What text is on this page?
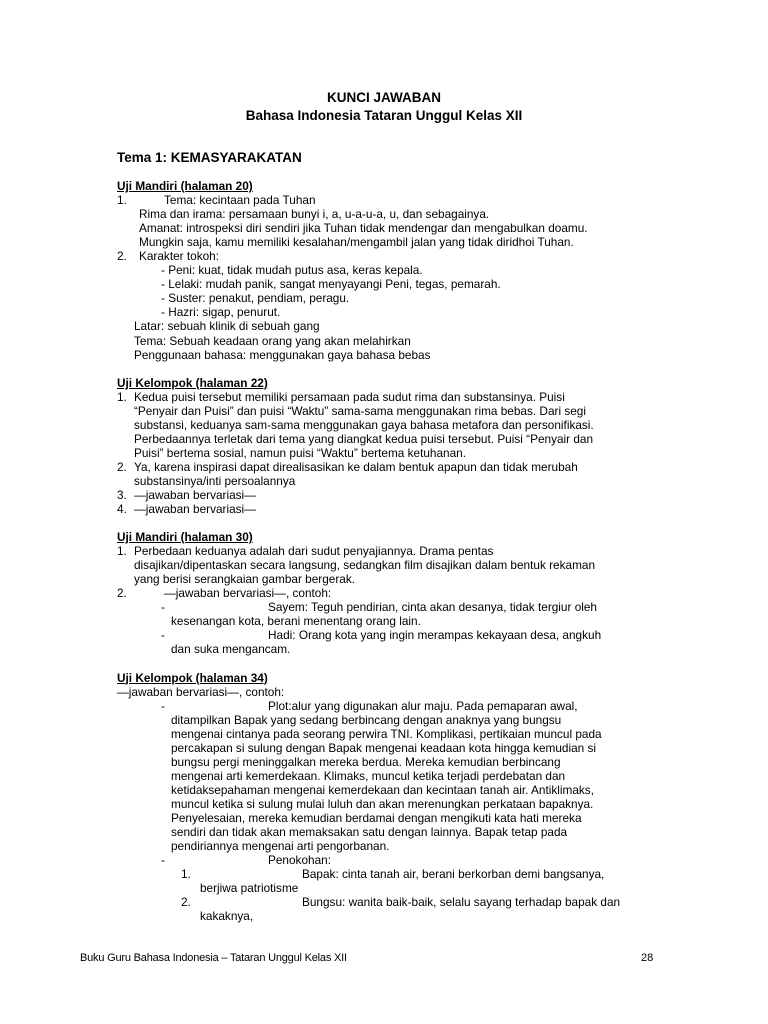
KUNCI JAWABAN
Bahasa Indonesia Tataran Unggul Kelas XII
Tema 1: KEMASYARAKATAN
Uji Mandiri (halaman 20)
1.	Tema: kecintaan pada Tuhan
Rima dan irama: persamaan bunyi i, a, u-a-u-a, u, dan sebagainya.
Amanat: introspeksi diri sendiri jika Tuhan tidak mendengar dan mengabulkan doamu.
Mungkin saja, kamu memiliki kesalahan/mengambil jalan yang tidak diridhoi Tuhan.
2. Karakter tokoh:
- Peni: kuat, tidak mudah putus asa, keras kepala.
- Lelaki: mudah panik, sangat menyayangi Peni, tegas, pemarah.
- Suster: penakut, pendiam, peragu.
- Hazri: sigap, penurut.
Latar: sebuah klinik di sebuah gang
Tema: Sebuah keadaan orang yang akan melahirkan
Penggunaan bahasa: menggunakan gaya bahasa bebas
Uji Kelompok (halaman 22)
1. Kedua puisi tersebut memiliki persamaan pada sudut rima dan substansinya. Puisi
“Penyair dan Puisi” dan puisi “Waktu” sama-sama menggunakan rima bebas. Dari segi
substansi, keduanya sam-sama menggunakan gaya bahasa metafora dan personifikasi.
Perbedaannya terletak dari tema yang diangkat kedua puisi tersebut. Puisi “Penyair dan
Puisi” bertema sosial, namun puisi “Waktu” bertema ketuhanan.
2. Ya, karena inspirasi dapat direalisasikan ke dalam bentuk apapun dan tidak merubah
substansinya/inti persoalannya
3. —jawaban bervariasi—
4. —jawaban bervariasi—
Uji Mandiri (halaman 30)
1. Perbedaan keduanya adalah dari sudut penyajiannya. Drama pentas
disajikan/dipentaskan secara langsung, sedangkan film disajikan dalam bentuk rekaman
yang berisi serangkaian gambar bergerak.
2.	—jawaban bervariasi—, contoh:
-	Sayem: Teguh pendirian, cinta akan desanya, tidak tergiur oleh
kesenangan kota, berani menentang orang lain.
-	Hadi: Orang kota yang ingin merampas kekayaan desa, angkuh
dan suka mengancam.
Uji Kelompok (halaman 34)
—jawaban bervariasi—, contoh:
-	Plot:alur yang digunakan alur maju. Pada pemaparan awal,
ditampilkan Bapak yang sedang berbincang dengan anaknya yang bungsu
mengenai cintanya pada seorang perwira TNI. Komplikasi, pertikaian muncul pada
percakapan si sulung dengan Bapak mengenai keadaan kota hingga kemudian si
bungsu pergi meninggalkan mereka berdua. Mereka kemudian berbincang
mengenai arti kemerdekaan. Klimaks, muncul ketika terjadi perdebatan dan
ketidaksepahaman mengenai kemerdekaan dan kecintaan tanah air. Antiklimaks,
muncul ketika si sulung mulai luluh dan akan merenungkan perkataan bapaknya.
Penyelesaian, mereka kemudian berdamai dengan mengikuti kata hati mereka
sendiri dan tidak akan memaksakan satu dengan lainnya. Bapak tetap pada
pendiriannya mengenai arti pengorbanan.
-	Penokohan:
1.	Bapak: cinta tanah air, berani berkorban demi bangsanya,
berjiwa patriotisme
2.	Bungsu: wanita baik-baik, selalu sayang terhadap bapak dan
kakaknya,
Buku Guru Bahasa Indonesia – Tataran Unggul Kelas XII	28
